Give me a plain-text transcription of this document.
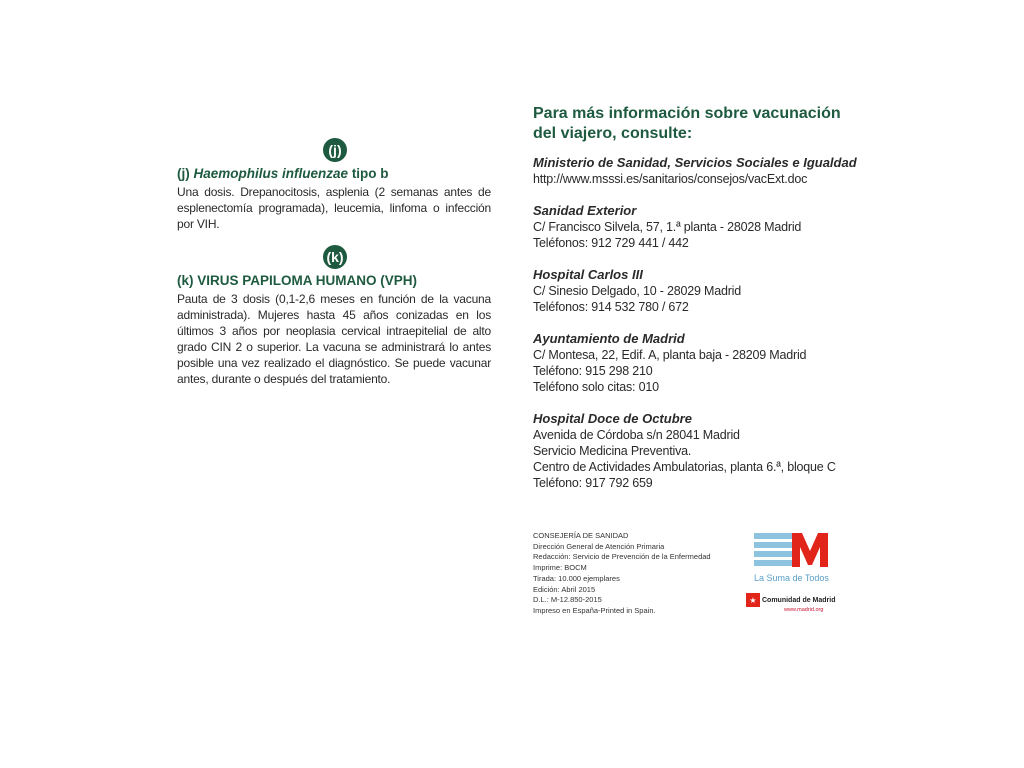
(j)
(j) Haemophilus influenzae tipo b

Una dosis. Drepanocitosis, asplenia (2 semanas antes de esplenectomía programada), leucemia, linfoma o infección por VIH.

(k)
(k) VIRUS PAPILOMA HUMANO (VPH)

Pauta de 3 dosis (0,1-2,6 meses en función de la vacuna administrada). Mujeres hasta 45 años conizadas en los últimos 3 años por neoplasia cervical intraepitelial de alto grado CIN 2 o superior. La vacuna se administrará lo antes posible una vez realizado el diagnóstico. Se puede vacunar antes, durante o después del tratamiento.

Para más información sobre vacunación
del viajero, consulte:
Ministerio de Sanidad, Servicios Sociales e Igualdad
http://www.msssi.es/sanitarios/consejos/vacExt.doc
Sanidad Exterior
C/ Francisco Silvela, 57, 1.ª planta - 28028 Madrid
Teléfonos: 912 729 441 / 442
Hospital Carlos III
C/ Sinesio Delgado, 10 - 28029 Madrid
Teléfonos: 914 532 780 / 672
Ayuntamiento de Madrid
C/ Montesa, 22, Edif. A, planta baja - 28209 Madrid
Teléfono: 915 298 210
Teléfono solo citas: 010
Hospital Doce de Octubre
Avenida de Córdoba s/n 28041 Madrid
Servicio Medicina Preventiva.
Centro de Actividades Ambulatorias, planta 6.ª, bloque C
Teléfono: 917 792 659
CONSEJERÍA DE SANIDAD
Dirección General de Atención Primaria
Redacción: Servicio de Prevención de la Enfermedad
Imprime: BOCM
Tirada: 10.000 ejemplares
Edición: Abril 2015
D.L.: M-12.850-2015
Impreso en España-Printed in Spain.
La Suma de Todos
★ Comunidad de Madrid
www.madrid.org
